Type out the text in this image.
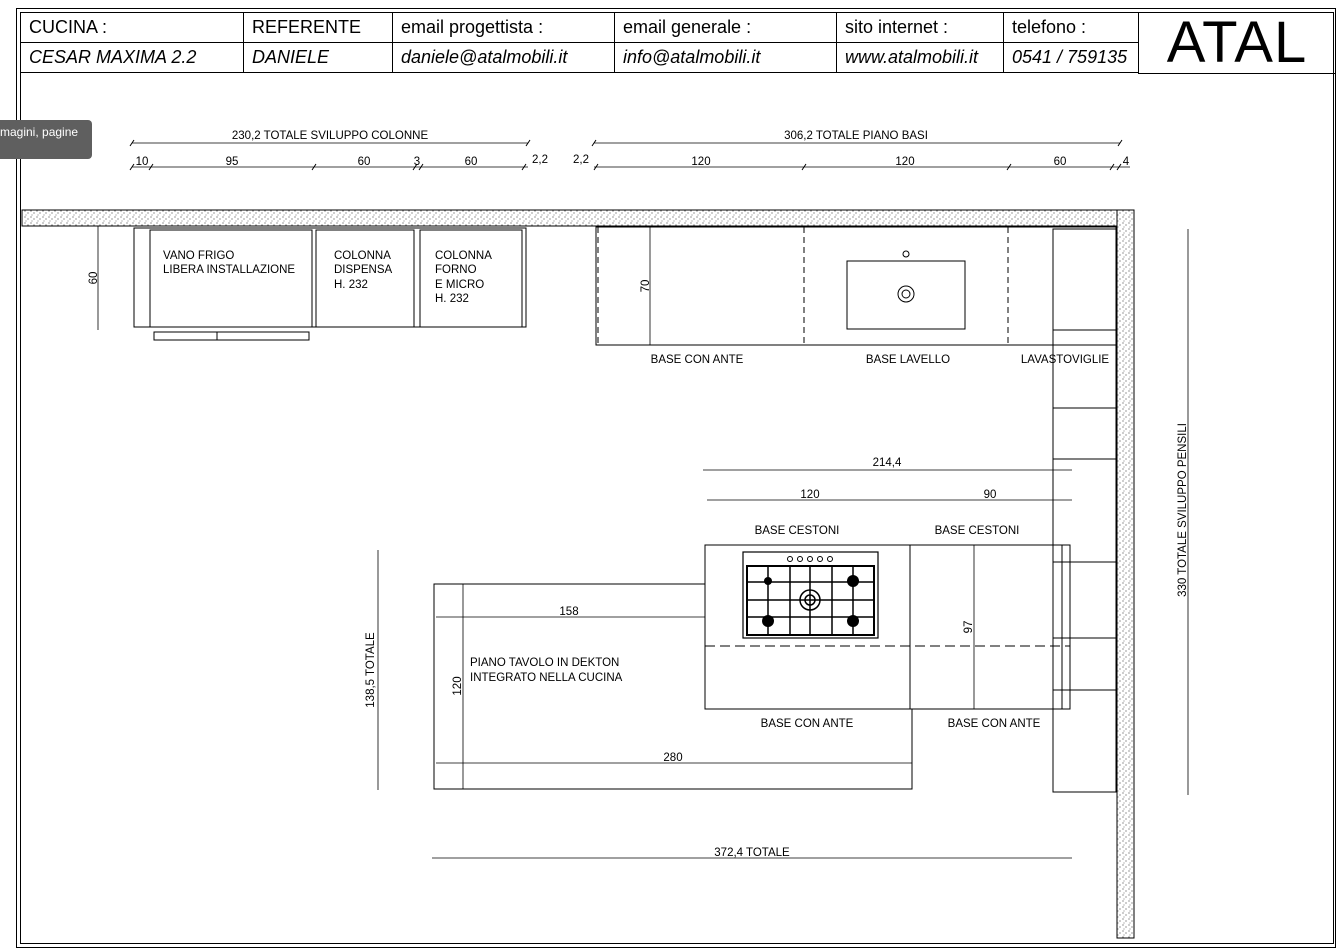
CUCINA :	REFERENTE	email progettista :	email generale :	sito internet :	telefono :
CESAR MAXIMA 2.2	DANIELE	daniele@atalmobili.it	info@atalmobili.it	www.atalmobili.it	0541 / 759135 ATAL
230,2 TOTALE SVILUPPO COLONNE
10	95	60	3	60	2,2
306,2 TOTALE PIANO BASI
2,2	120	120	60	4
60
70
214,4
120	90
97
158
120
280
138,5 TOTALE
372,4 TOTALE
330 TOTALE SVILUPPO PENSILI
VANO FRIGO
LIBERA INSTALLAZIONE
COLONNA
DISPENSA
H. 232
COLONNA
FORNO
E MICRO
H. 232
BASE CON ANTE	BASE LAVELLO	LAVASTOVIGLIE
BASE CESTONI	BASE CESTONI
BASE CON ANTE	BASE CON ANTE
PIANO TAVOLO IN DEKTON
INTEGRATO NELLA CUCINA
magini, pagine
